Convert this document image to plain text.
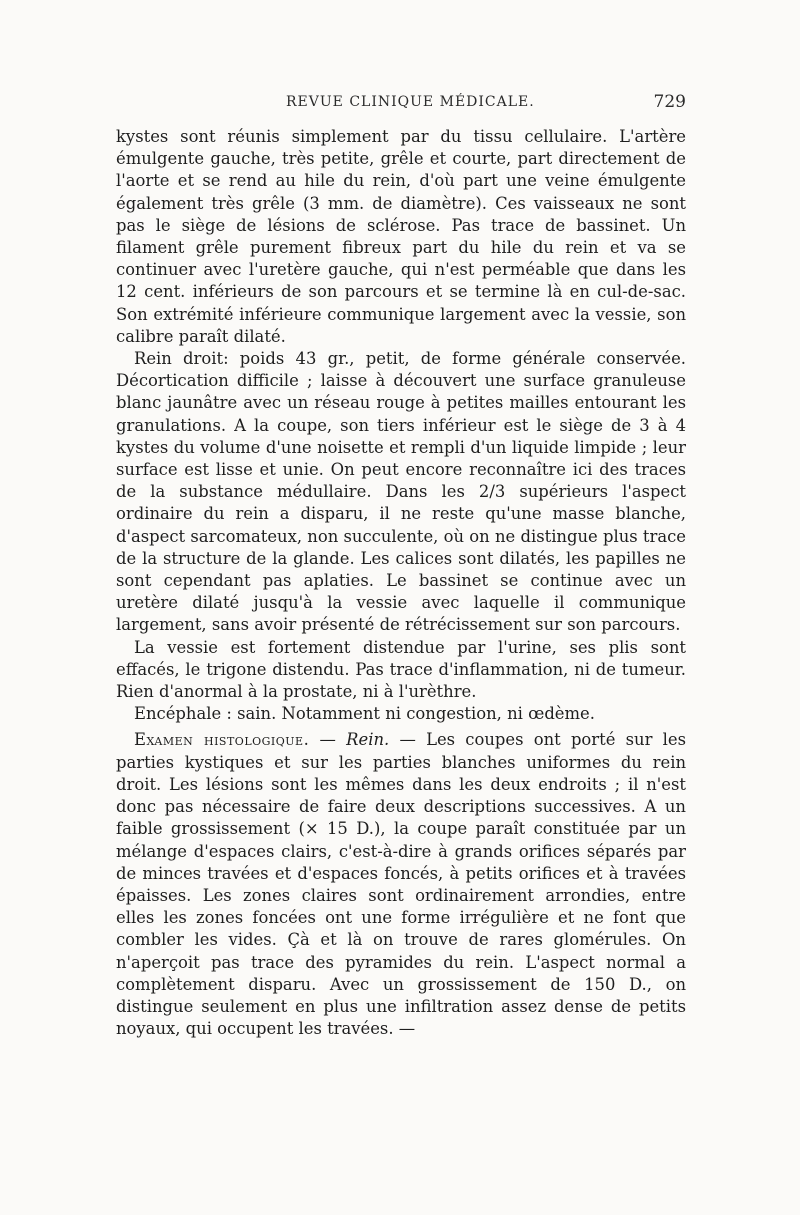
REVUE CLINIQUE MÉDICALE.	729

kystes sont réunis simplement par du tissu cellulaire. L'artère émulgente gauche, très petite, grêle et courte, part directement de l'aorte et se rend au hile du rein, d'où part une veine émulgente également très grêle (3 mm. de diamètre). Ces vaisseaux ne sont pas le siège de lésions de sclérose. Pas trace de bassinet. Un filament grêle purement fibreux part du hile du rein et va se continuer avec l'uretère gauche, qui n'est perméable que dans les 12 cent. inférieurs de son parcours et se termine là en cul-de-sac. Son extrémité inférieure communique largement avec la vessie, son calibre paraît dilaté.

Rein droit: poids 43 gr., petit, de forme générale conservée. Décortication difficile ; laisse à découvert une surface granuleuse blanc jaunâtre avec un réseau rouge à petites mailles entourant les granulations. A la coupe, son tiers inférieur est le siège de 3 à 4 kystes du volume d'une noisette et rempli d'un liquide limpide ; leur surface est lisse et unie. On peut encore reconnaître ici des traces de la substance médullaire. Dans les 2/3 supérieurs l'aspect ordinaire du rein a disparu, il ne reste qu'une masse blanche, d'aspect sarcomateux, non succulente, où on ne distingue plus trace de la structure de la glande. Les calices sont dilatés, les papilles ne sont cependant pas aplaties. Le bassinet se continue avec un uretère dilaté jusqu'à la vessie avec laquelle il communique largement, sans avoir présenté de rétrécissement sur son parcours.

La vessie est fortement distendue par l'urine, ses plis sont effacés, le trigone distendu. Pas trace d'inflammation, ni de tumeur. Rien d'anormal à la prostate, ni à l'urèthre.

Encéphale : sain. Notamment ni congestion, ni œdème.

Examen histologique. — Rein. — Les coupes ont porté sur les parties kystiques et sur les parties blanches uniformes du rein droit. Les lésions sont les mêmes dans les deux endroits ; il n'est donc pas nécessaire de faire deux descriptions successives. A un faible grossissement (× 15 D.), la coupe paraît constituée par un mélange d'espaces clairs, c'est-à-dire à grands orifices séparés par de minces travées et d'espaces foncés, à petits orifices et à travées épaisses. Les zones claires sont ordinairement arrondies, entre elles les zones foncées ont une forme irrégulière et ne font que combler les vides. Çà et là on trouve de rares glomérules. On n'aperçoit pas trace des pyramides du rein. L'aspect normal a complètement disparu. Avec un grossissement de 150 D., on distingue seulement en plus une infiltration assez dense de petits noyaux, qui occupent les travées. —
